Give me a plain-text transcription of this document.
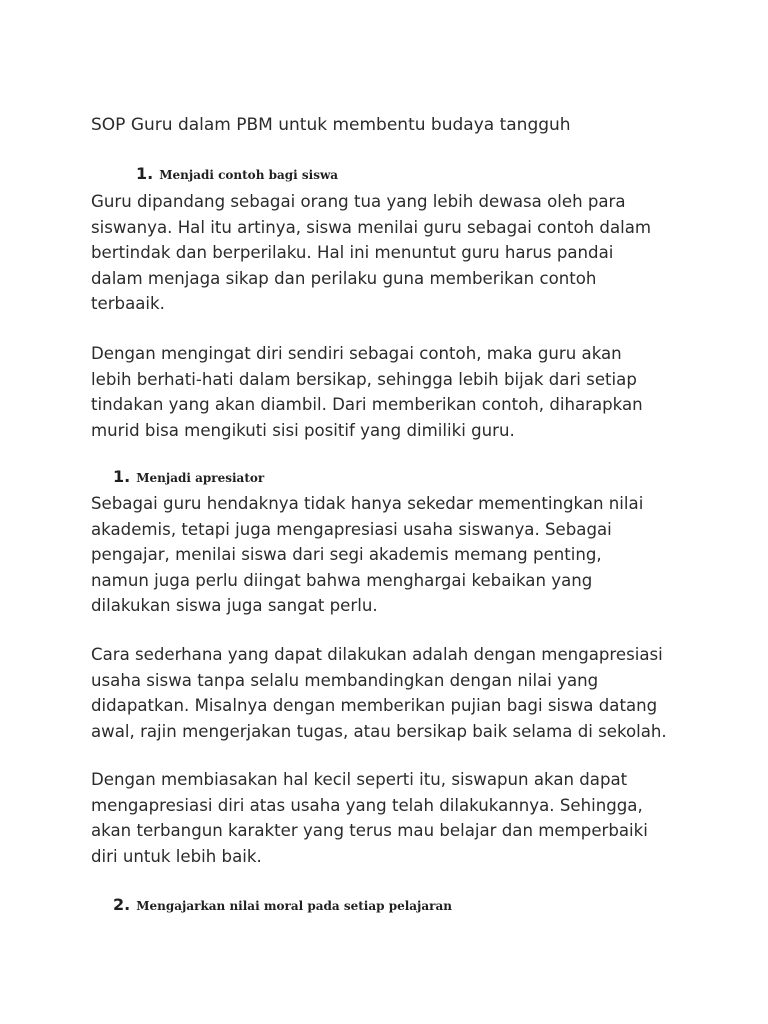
SOP Guru dalam PBM untuk membentu budaya tangguh
1. Menjadi contoh bagi siswa
Guru dipandang sebagai orang tua yang lebih dewasa oleh para
siswanya. Hal itu artinya, siswa menilai guru sebagai contoh dalam
bertindak dan berperilaku. Hal ini menuntut guru harus pandai
dalam menjaga sikap dan perilaku guna memberikan contoh
terbaaik.
Dengan mengingat diri sendiri sebagai contoh, maka guru akan
lebih berhati-hati dalam bersikap, sehingga lebih bijak dari setiap
tindakan yang akan diambil. Dari memberikan contoh, diharapkan
murid bisa mengikuti sisi positif yang dimiliki guru.
1. Menjadi apresiator
Sebagai guru hendaknya tidak hanya sekedar mementingkan nilai
akademis, tetapi juga mengapresiasi usaha siswanya. Sebagai
pengajar, menilai siswa dari segi akademis memang penting,
namun juga perlu diingat bahwa menghargai kebaikan yang
dilakukan siswa juga sangat perlu.
Cara sederhana yang dapat dilakukan adalah dengan mengapresiasi
usaha siswa tanpa selalu membandingkan dengan nilai yang
didapatkan. Misalnya dengan memberikan pujian bagi siswa datang
awal, rajin mengerjakan tugas, atau bersikap baik selama di sekolah.
Dengan membiasakan hal kecil seperti itu, siswapun akan dapat
mengapresiasi diri atas usaha yang telah dilakukannya. Sehingga,
akan terbangun karakter yang terus mau belajar dan memperbaiki
diri untuk lebih baik.
2. Mengajarkan nilai moral pada setiap pelajaran
